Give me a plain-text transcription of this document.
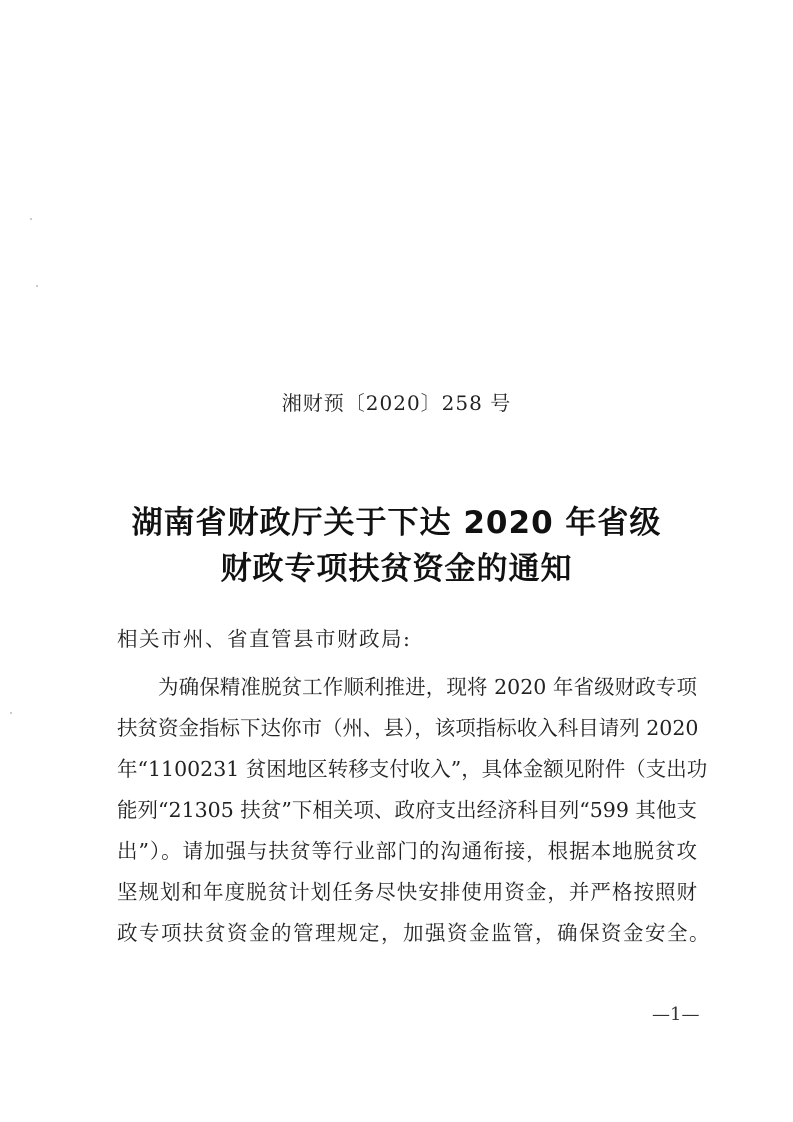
湘财预〔2020〕258 号
湖南省财政厅关于下达 2020 年省级
财政专项扶贫资金的通知
相关市州、省直管县市财政局:
为确保精准脱贫工作顺利推进，现将 2020 年省级财政专项
扶贫资金指标下达你市（州、县），该项指标收入科目请列 2020
年“1100231 贫困地区转移支付收入”，具体金额见附件（支出功
能列“21305 扶贫”下相关项、政府支出经济科目列“599 其他支
出”）。请加强与扶贫等行业部门的沟通衔接，根据本地脱贫攻
坚规划和年度脱贫计划任务尽快安排使用资金，并严格按照财
政专项扶贫资金的管理规定，加强资金监管，确保资金安全。
—1—
